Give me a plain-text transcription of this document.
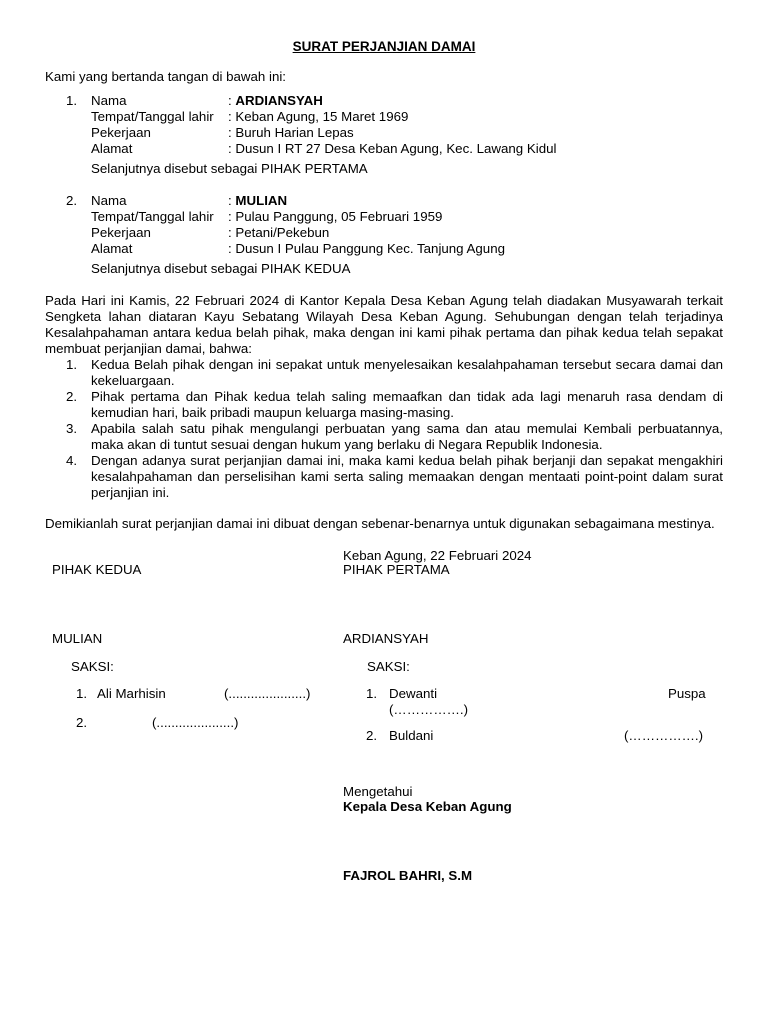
SURAT PERJANJIAN DAMAI
Kami yang bertanda tangan di bawah ini:
1.	Nama	: ARDIANSYAH
Tempat/Tanggal lahir	: Keban Agung, 15 Maret 1969
Pekerjaan	: Buruh Harian Lepas
Alamat	: Dusun I RT 27 Desa Keban Agung, Kec. Lawang Kidul
Selanjutnya disebut sebagai PIHAK PERTAMA
2.	Nama	: MULIAN
Tempat/Tanggal lahir	: Pulau Panggung, 05 Februari 1959
Pekerjaan	: Petani/Pekebun
Alamat	: Dusun I Pulau Panggung Kec. Tanjung Agung
Selanjutnya disebut sebagai PIHAK KEDUA
Pada Hari ini Kamis, 22 Februari 2024 di Kantor Kepala Desa Keban Agung telah diadakan Musyawarah terkait Sengketa lahan diataran Kayu Sebatang Wilayah Desa Keban Agung. Sehubungan dengan telah terjadinya Kesalahpahaman antara kedua belah pihak, maka dengan ini kami pihak pertama dan pihak kedua telah sepakat membuat perjanjian damai, bahwa:
1.	Kedua Belah pihak dengan ini sepakat untuk menyelesaikan kesalahpahaman tersebut secara damai dan kekeluargaan.
2.	Pihak pertama dan Pihak kedua telah saling memaafkan dan tidak ada lagi menaruh rasa dendam di kemudian hari, baik pribadi maupun keluarga masing-masing.
3.	Apabila salah satu pihak mengulangi perbuatan yang sama dan atau memulai Kembali perbuatannya, maka akan di tuntut sesuai dengan hukum yang berlaku di Negara Republik Indonesia.
4.	Dengan adanya surat perjanjian damai ini, maka kami kedua belah pihak berjanji dan sepakat mengakhiri kesalahpahaman dan perselisihan kami serta saling memaakan dengan mentaati point-point dalam surat perjanjian ini.
Demikianlah surat perjanjian damai ini dibuat dengan sebenar-benarnya untuk digunakan sebagaimana mestinya.
Keban Agung, 22 Februari 2024
PIHAK KEDUA
MULIAN
SAKSI:
1. Ali Marhisin	(.....................)
2.	(.....................)
PIHAK PERTAMA
ARDIANSYAH
SAKSI:
1. Dewanti	Puspa
(…………….)
2. Buldani	(…………….)
Mengetahui
Kepala Desa Keban Agung
FAJROL BAHRI, S.M
